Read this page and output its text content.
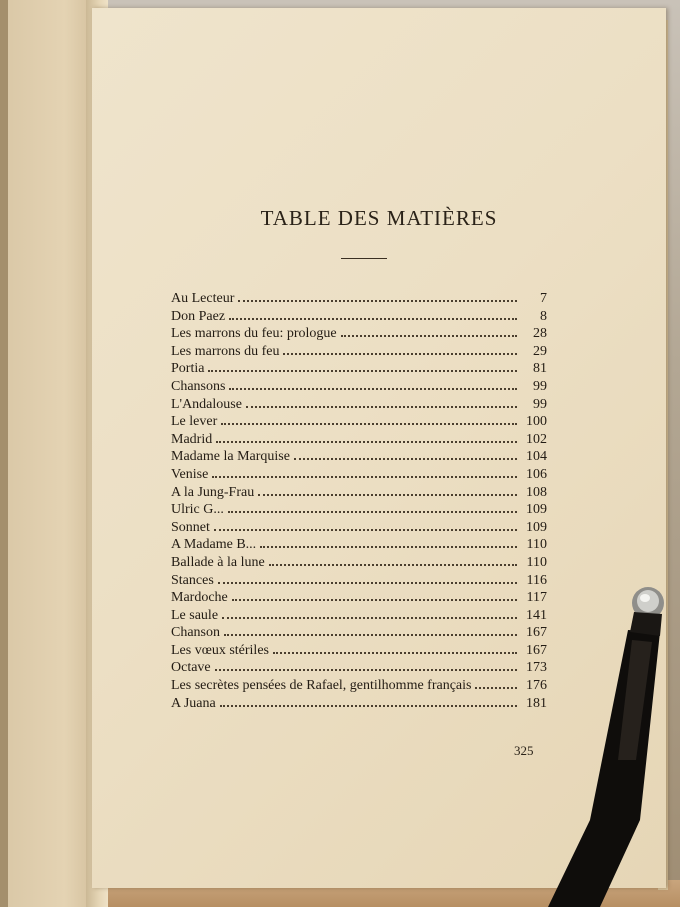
TABLE DES MATIÈRES
Au Lecteur	7
Don Paez	8
Les marrons du feu: prologue	28
Les marrons du feu	29
Portia	81
Chansons	99
L'Andalouse	99
Le lever	100
Madrid	102
Madame la Marquise	104
Venise	106
A la Jung-Frau	108
Ulric G...	109
Sonnet	109
A Madame B...	110
Ballade à la lune	110
Stances	116
Mardoche	117
Le saule	141
Chanson	167
Les vœux stériles	167
Octave	173
Les secrètes pensées de Rafael, gentilhomme français	176
A Juana	181
325
